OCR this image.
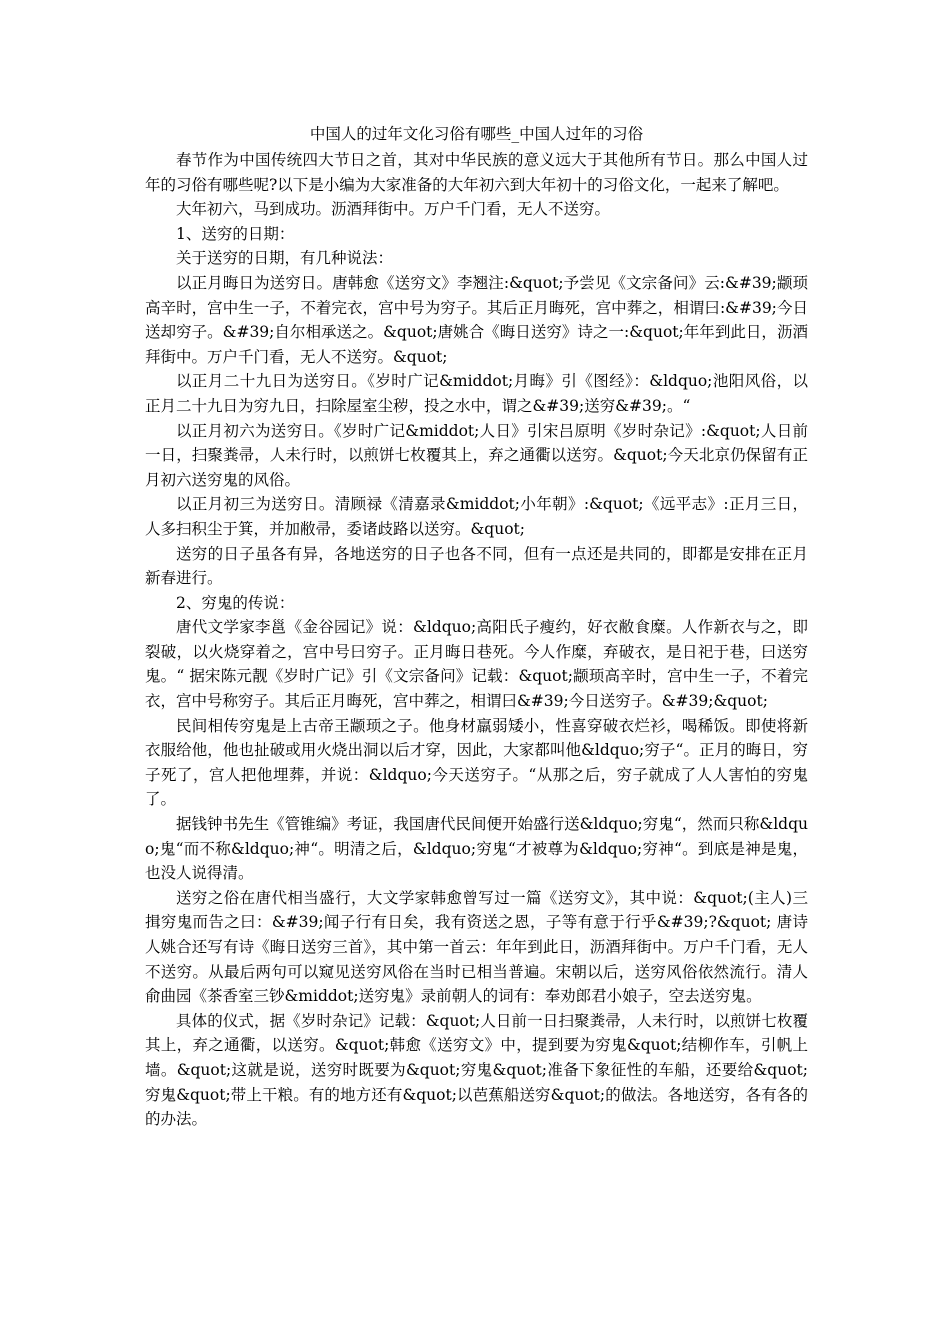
中国人的过年文化习俗有哪些_中国人过年的习俗

春节作为中国传统四大节日之首，其对中华民族的意义远大于其他所有节日。那么中国人过年的习俗有哪些呢?以下是小编为大家准备的大年初六到大年初十的习俗文化，一起来了解吧。

大年初六，马到成功。沥酒拜街中。万户千门看，无人不送穷。

1、送穷的日期：

关于送穷的日期，有几种说法：

以正月晦日为送穷日。唐韩愈《送穷文》李翘注:&quot;予尝见《文宗备问》云:&#39;颛顼高辛时，宫中生一子，不着完衣，宫中号为穷子。其后正月晦死，宫中葬之，相谓曰:&#39;今日送却穷子。&#39;自尔相承送之。&quot;唐姚合《晦日送穷》诗之一:&quot;年年到此日，沥酒拜街中。万户千门看，无人不送穷。&quot;

以正月二十九日为送穷日。《岁时广记&middot;月晦》引《图经》：&ldquo;池阳风俗，以正月二十九日为穷九日，扫除屋室尘秽，投之水中，谓之&#39;送穷&#39;。“

以正月初六为送穷日。《岁时广记&middot;人日》引宋吕原明《岁时杂记》:&quot;人日前一日，扫聚粪帚，人未行时，以煎饼七枚覆其上，弃之通衢以送穷。&quot;今天北京仍保留有正月初六送穷鬼的风俗。

以正月初三为送穷日。清顾禄《清嘉录&middot;小年朝》:&quot;《远平志》:正月三日，人多扫积尘于箕，并加敝帚，委诸歧路以送穷。&quot;

送穷的日子虽各有异，各地送穷的日子也各不同，但有一点还是共同的，即都是安排在正月新春进行。

2、穷鬼的传说：

唐代文学家李邕《金谷园记》说：&ldquo;高阳氏子瘦约，好衣敝食糜。人作新衣与之，即裂破，以火烧穿着之，宫中号曰穷子。正月晦日巷死。今人作糜，弃破衣，是日祀于巷，曰送穷鬼。“ 据宋陈元靓《岁时广记》引《文宗备问》记载：&quot;颛顼高辛时，宫中生一子，不着完衣，宫中号称穷子。其后正月晦死，宫中葬之，相谓曰&#39;今日送穷子。&#39;&quot;

民间相传穷鬼是上古帝王颛顼之子。他身材羸弱矮小，性喜穿破衣烂衫，喝稀饭。即使将新衣服给他，他也扯破或用火烧出洞以后才穿，因此，大家都叫他&ldquo;穷子“。正月的晦日，穷子死了，宫人把他埋葬，并说：&ldquo;今天送穷子。“从那之后，穷子就成了人人害怕的穷鬼了。

据钱钟书先生《管锥编》考证，我国唐代民间便开始盛行送&ldquo;穷鬼“，然而只称&ldquo;鬼“而不称&ldquo;神“。明清之后，&ldquo;穷鬼“才被尊为&ldquo;穷神“。到底是神是鬼，也没人说得清。

送穷之俗在唐代相当盛行，大文学家韩愈曾写过一篇《送穷文》，其中说：&quot;(主人)三揖穷鬼而告之曰：&#39;闻子行有日矣，我有资送之恩，子等有意于行乎&#39;?&quot; 唐诗人姚合还写有诗《晦日送穷三首》，其中第一首云：年年到此日，沥酒拜街中。万户千门看，无人不送穷。从最后两句可以窥见送穷风俗在当时已相当普遍。宋朝以后，送穷风俗依然流行。清人俞曲园《茶香室三钞&middot;送穷鬼》录前朝人的词有：奉劝郎君小娘子，空去送穷鬼。

具体的仪式，据《岁时杂记》记载：&quot;人日前一日扫聚粪帚，人未行时，以煎饼七枚覆其上，弃之通衢，以送穷。&quot;韩愈《送穷文》中，提到要为穷鬼&quot;结柳作车，引帆上墙。&quot;这就是说，送穷时既要为&quot;穷鬼&quot;准备下象征性的车船，还要给&quot;穷鬼&quot;带上干粮。有的地方还有&quot;以芭蕉船送穷&quot;的做法。各地送穷，各有各的的办法。
